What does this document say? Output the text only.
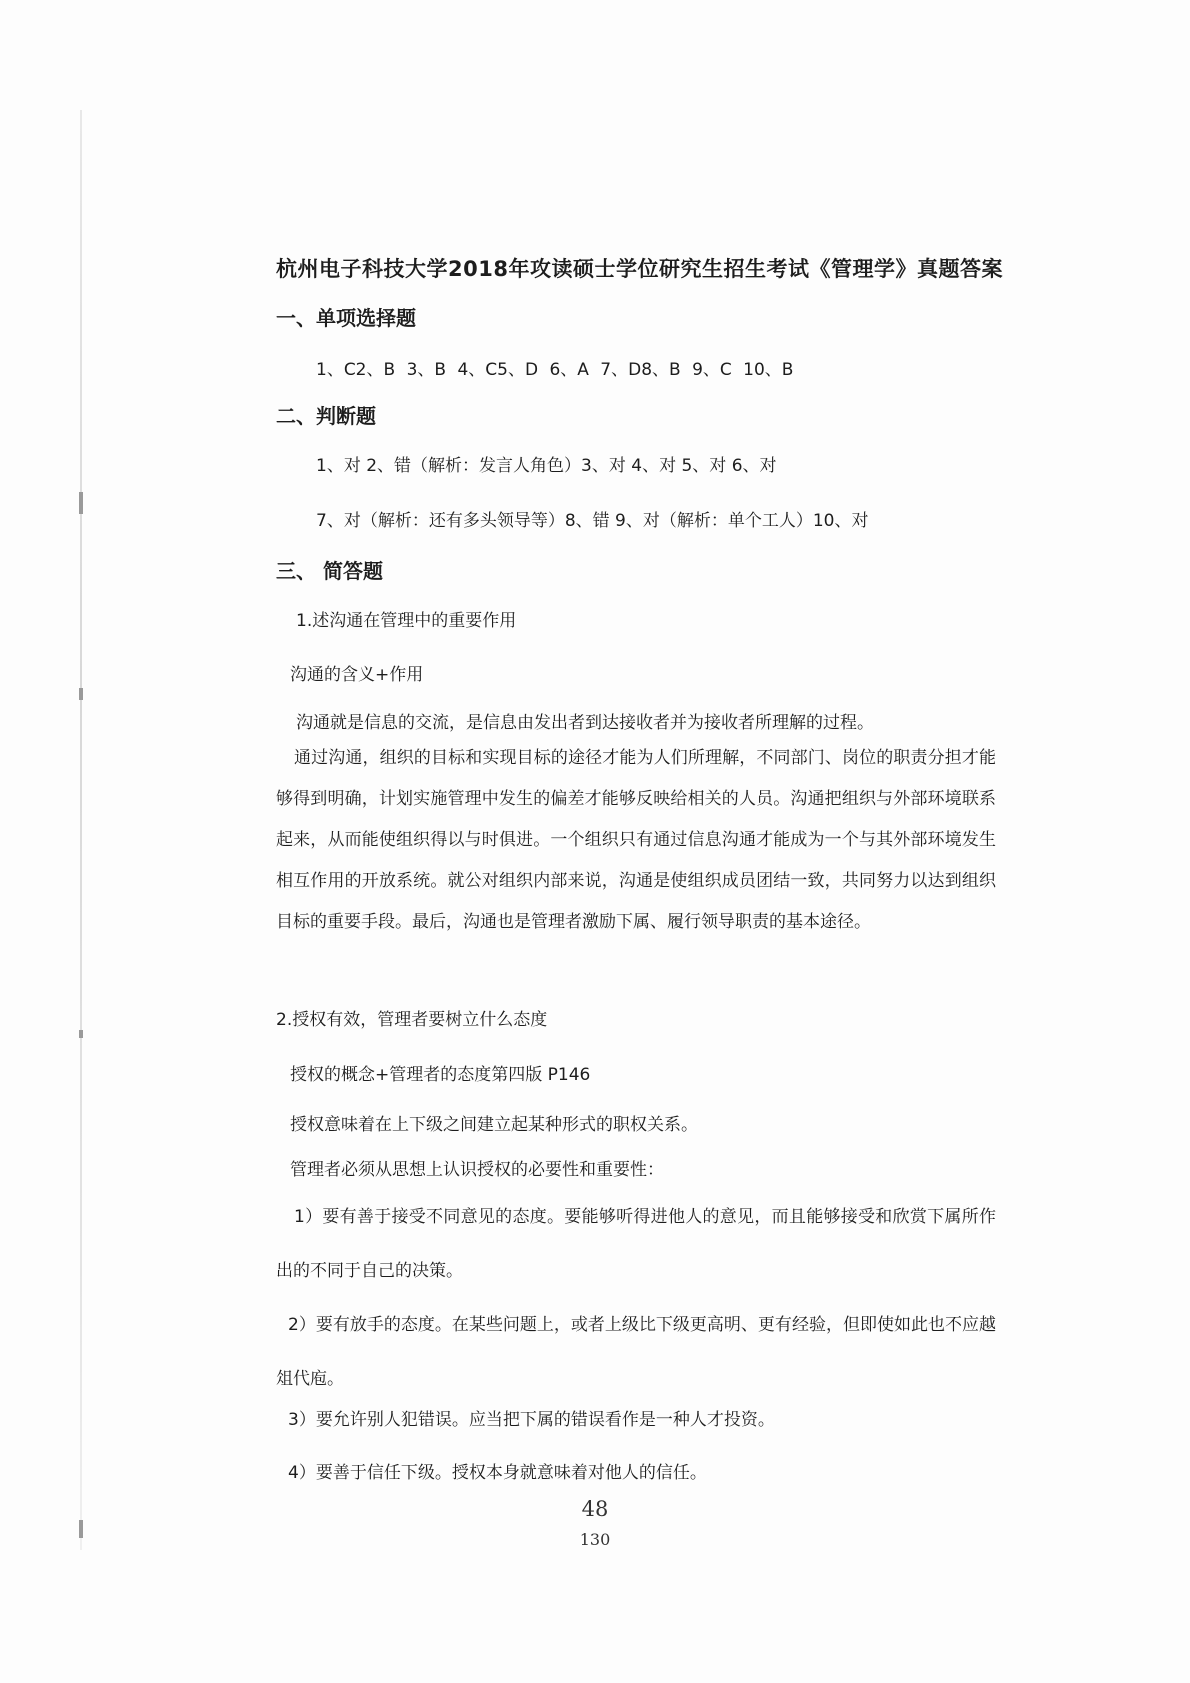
杭州电子科技大学2018年攻读硕士学位研究生招生考试《管理学》真题答案
一、单项选择题
1、C2、B 3、B 4、C5、D 6、A 7、D8、B 9、C 10、B
二、判断题
1、对 2、错（解析：发言人角色）3、对 4、对 5、对 6、对
7、对（解析：还有多头领导等）8、错 9、对（解析：单个工人）10、对
三、 简答题
1.述沟通在管理中的重要作用
沟通的含义+作用
沟通就是信息的交流，是信息由发出者到达接收者并为接收者所理解的过程。
通过沟通，组织的目标和实现目标的途径才能为人们所理解，不同部门、岗位的职责分担才能够得到明确，计划实施管理中发生的偏差才能够反映给相关的人员。沟通把组织与外部环境联系起来，从而能使组织得以与时俱进。一个组织只有通过信息沟通才能成为一个与其外部环境发生相互作用的开放系统。就公对组织内部来说，沟通是使组织成员团结一致，共同努力以达到组织目标的重要手段。最后，沟通也是管理者激励下属、履行领导职责的基本途径。
2.授权有效，管理者要树立什么态度
授权的概念+管理者的态度第四版 P146
授权意味着在上下级之间建立起某种形式的职权关系。
管理者必须从思想上认识授权的必要性和重要性：
1）要有善于接受不同意见的态度。要能够听得进他人的意见，而且能够接受和欣赏下属所作出的不同于自己的决策。
2）要有放手的态度。在某些问题上，或者上级比下级更高明、更有经验，但即使如此也不应越俎代庖。
3）要允许别人犯错误。应当把下属的错误看作是一种人才投资。
4）要善于信任下级。授权本身就意味着对他人的信任。
48
130
